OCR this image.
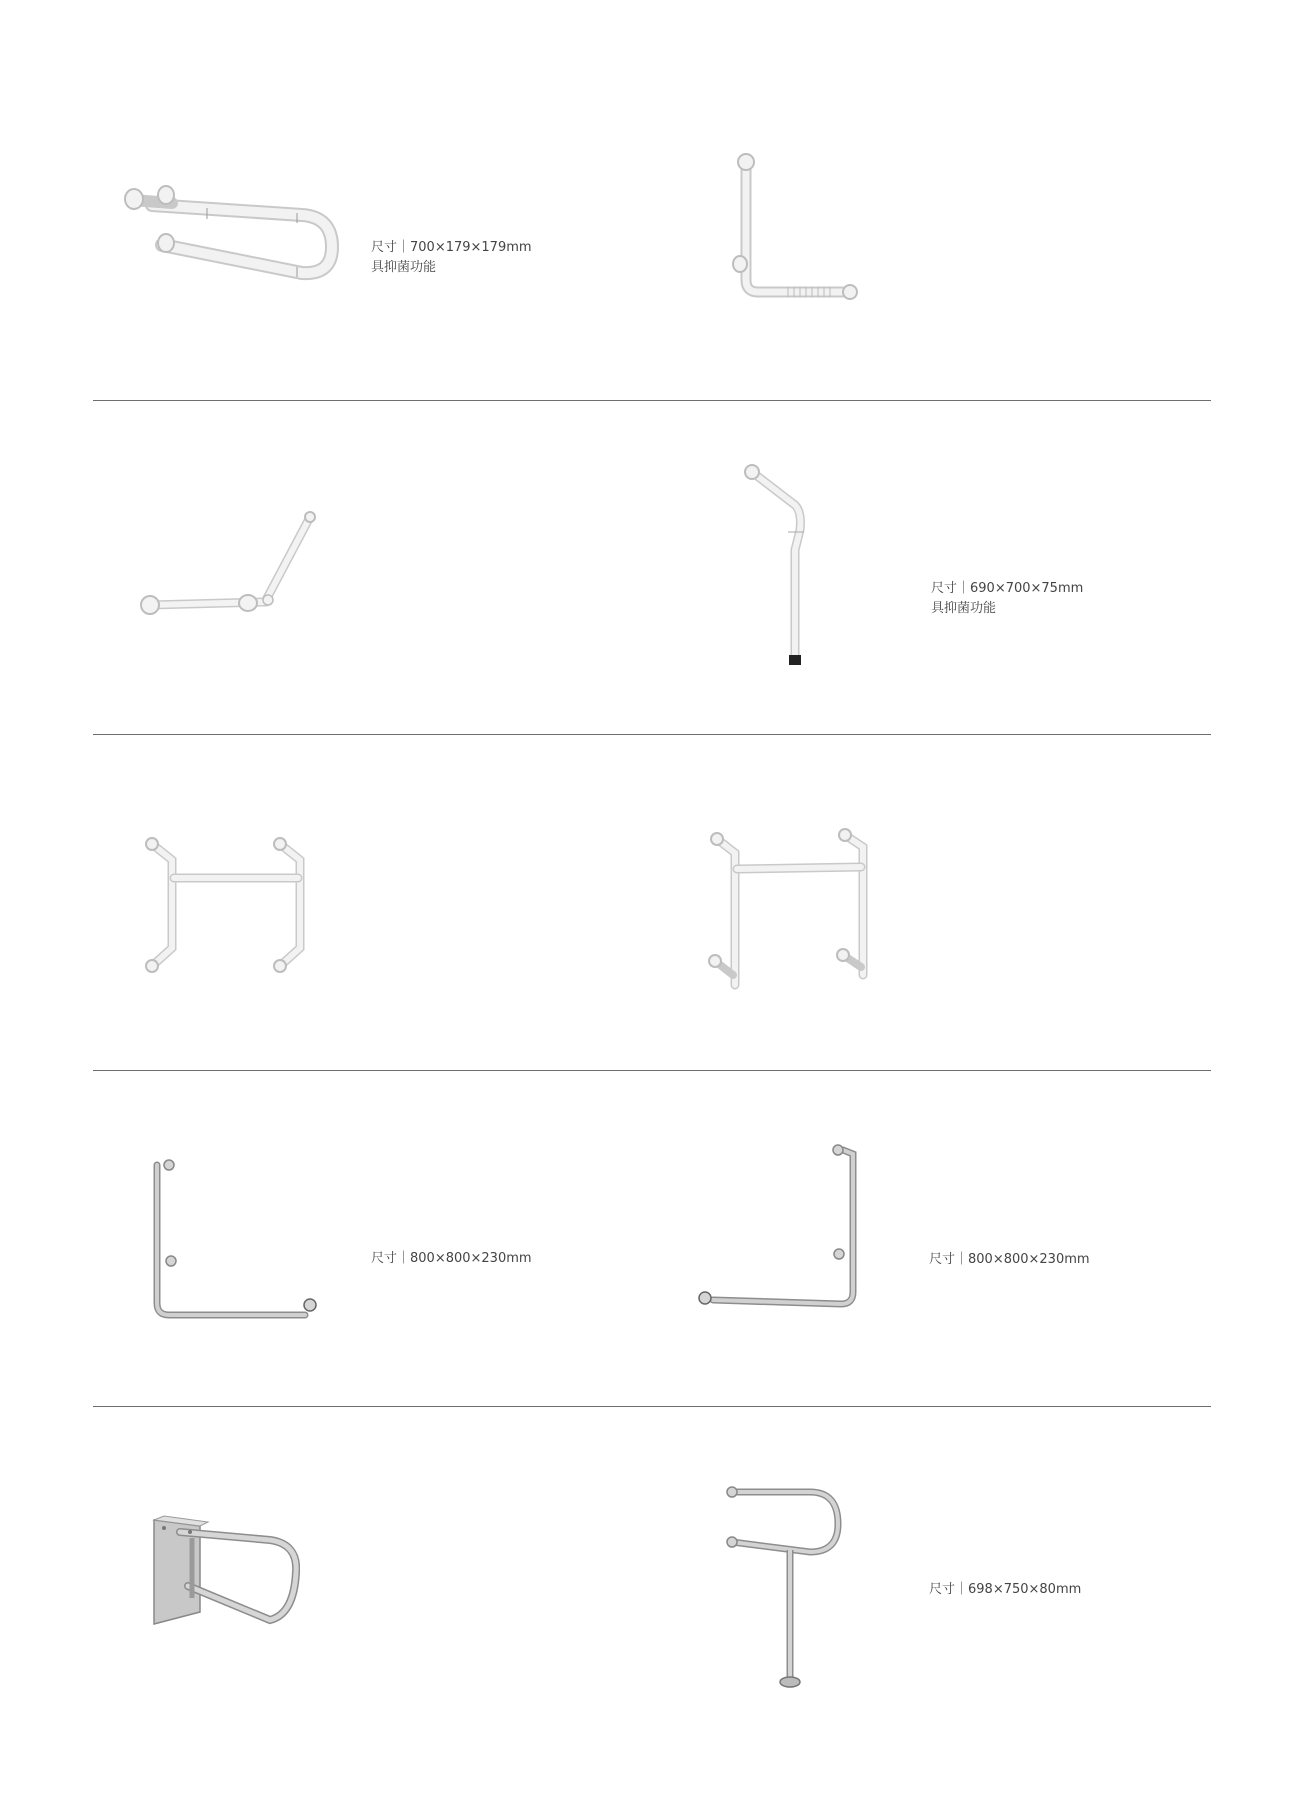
尺寸｜700×179×179mm
具抑菌功能
尺寸｜690×700×75mm
具抑菌功能
尺寸｜800×800×230mm	尺寸｜800×800×230mm
尺寸｜698×750×80mm
